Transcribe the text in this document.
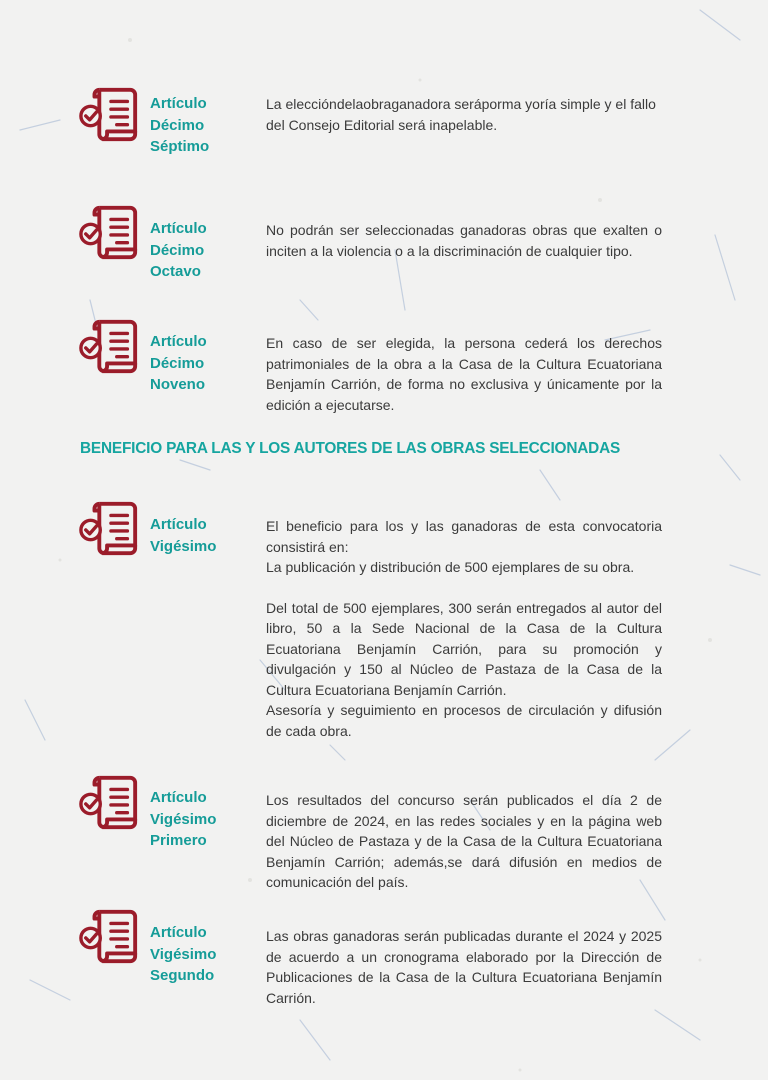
Artículo
Décimo
Séptimo

La eleccióndelaobraganadora seráporma yoría simple y el fallo del Consejo Editorial será inapelable.

Artículo
Décimo
Octavo

No podrán ser seleccionadas ganadoras obras que exalten o inciten a la violencia o a la discriminación de cualquier tipo.

Artículo
Décimo
Noveno

En caso de ser elegida, la persona cederá los derechos patrimoniales de la obra a la Casa de la Cultura Ecuatoriana Benjamín Carrión, de forma no exclusiva y únicamente por la edición a ejecutarse.

BENEFICIO PARA LAS Y LOS AUTORES DE LAS OBRAS SELECCIONADAS
Artículo
Vigésimo

El beneficio para los y las ganadoras de esta convocatoria consistirá en:

La publicación y distribución de 500 ejemplares de su obra.

Del total de 500 ejemplares, 300 serán entregados al autor del libro, 50 a la Sede Nacional de la Casa de la Cultura Ecuatoriana Benjamín Carrión, para su promoción y divulgación y 150 al Núcleo de Pastaza de la Casa de la Cultura Ecuatoriana Benjamín Carrión.

Asesoría y seguimiento en procesos de circulación y difusión de cada obra.

Artículo
Vigésimo
Primero

Los resultados del concurso serán publicados el día 2 de diciembre de 2024, en las redes sociales y en la página web del Núcleo de Pastaza y de la Casa de la Cultura Ecuatoriana Benjamín Carrión; además,se dará difusión en medios de comunicación del país.

Artículo
Vigésimo
Segundo

Las obras ganadoras serán publicadas durante el 2024 y 2025 de acuerdo a un cronograma elaborado por la Dirección de Publicaciones de la Casa de la Cultura Ecuatoriana Benjamín Carrión.
